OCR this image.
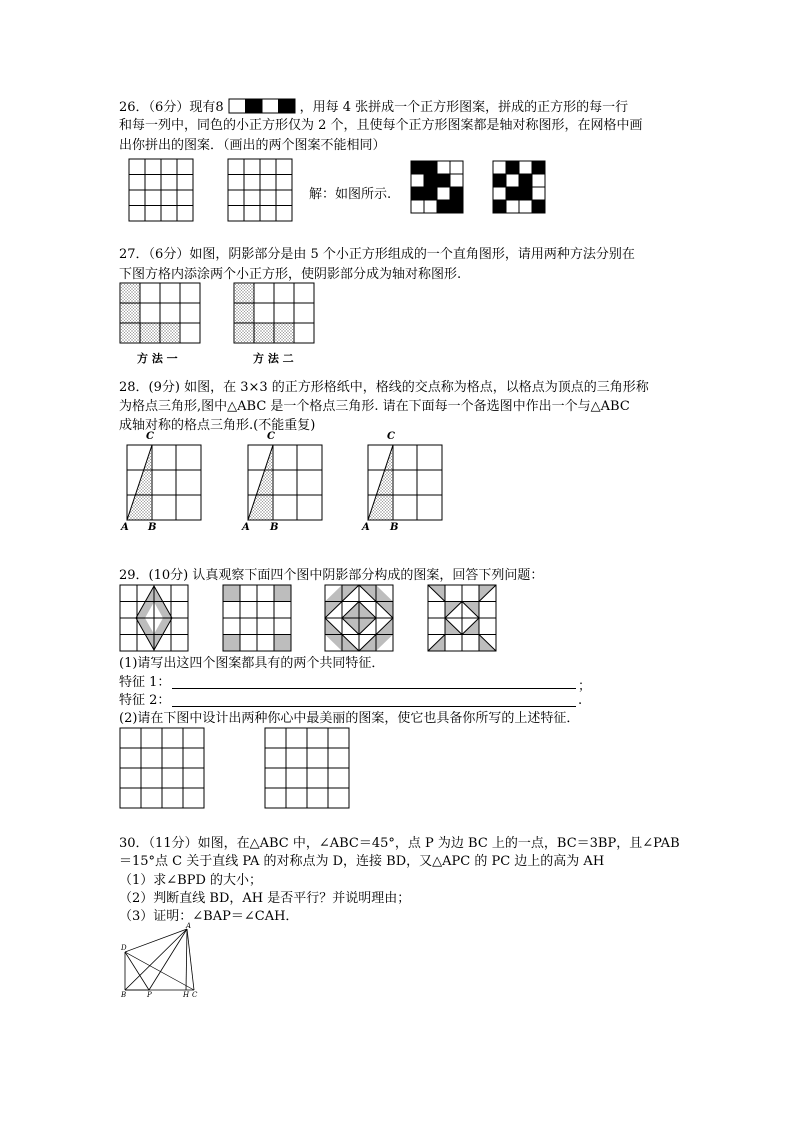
26．（6分）现有8	，用每 4 张拼成一个正方形图案，拼成的正方形的每一行
和每一列中，同色的小正方形仅为 2 个，且使每个正方形图案都是轴对称图形，在网格中画
出你拼出的图案．（画出的两个图案不能相同）
解：如图所示.
27．（6分）如图，阴影部分是由 5 个小正方形组成的一个直角图形，请用两种方法分别在
下图方格内添涂两个小正方形，使阴影部分成为轴对称图形.
方 法 一	方 法 二
28．(9分) 如图，在 3×3 的正方形格纸中，格线的交点称为格点，以格点为顶点的三角形称
为格点三角形,图中△ABC 是一个格点三角形. 请在下面每一个备选图中作出一个与△ABC
成轴对称的格点三角形.(不能重复)
C
A B
C
A B
C
A B
29．(10分) 认真观察下面四个图中阴影部分构成的图案，回答下列问题：
(1)请写出这四个图案都具有的两个共同特征．
特征 1：	；
特征 2：	.
(2)请在下图中设计出两种你心中最美丽的图案，使它也具备你所写的上述特征．
30．（11分）如图，在△ABC 中，∠ABC＝45°，点 P 为边 BC 上的一点，BC＝3BP，且∠PAB
＝15°点 C 关于直线 PA 的对称点为 D，连接 BD，又△APC 的 PC 边上的高为 AH
（1）求∠BPD 的大小；
（2）判断直线 BD，AH 是否平行？并说明理由；
（3）证明：∠BAP＝∠CAH．
A
D
B	P	H C
